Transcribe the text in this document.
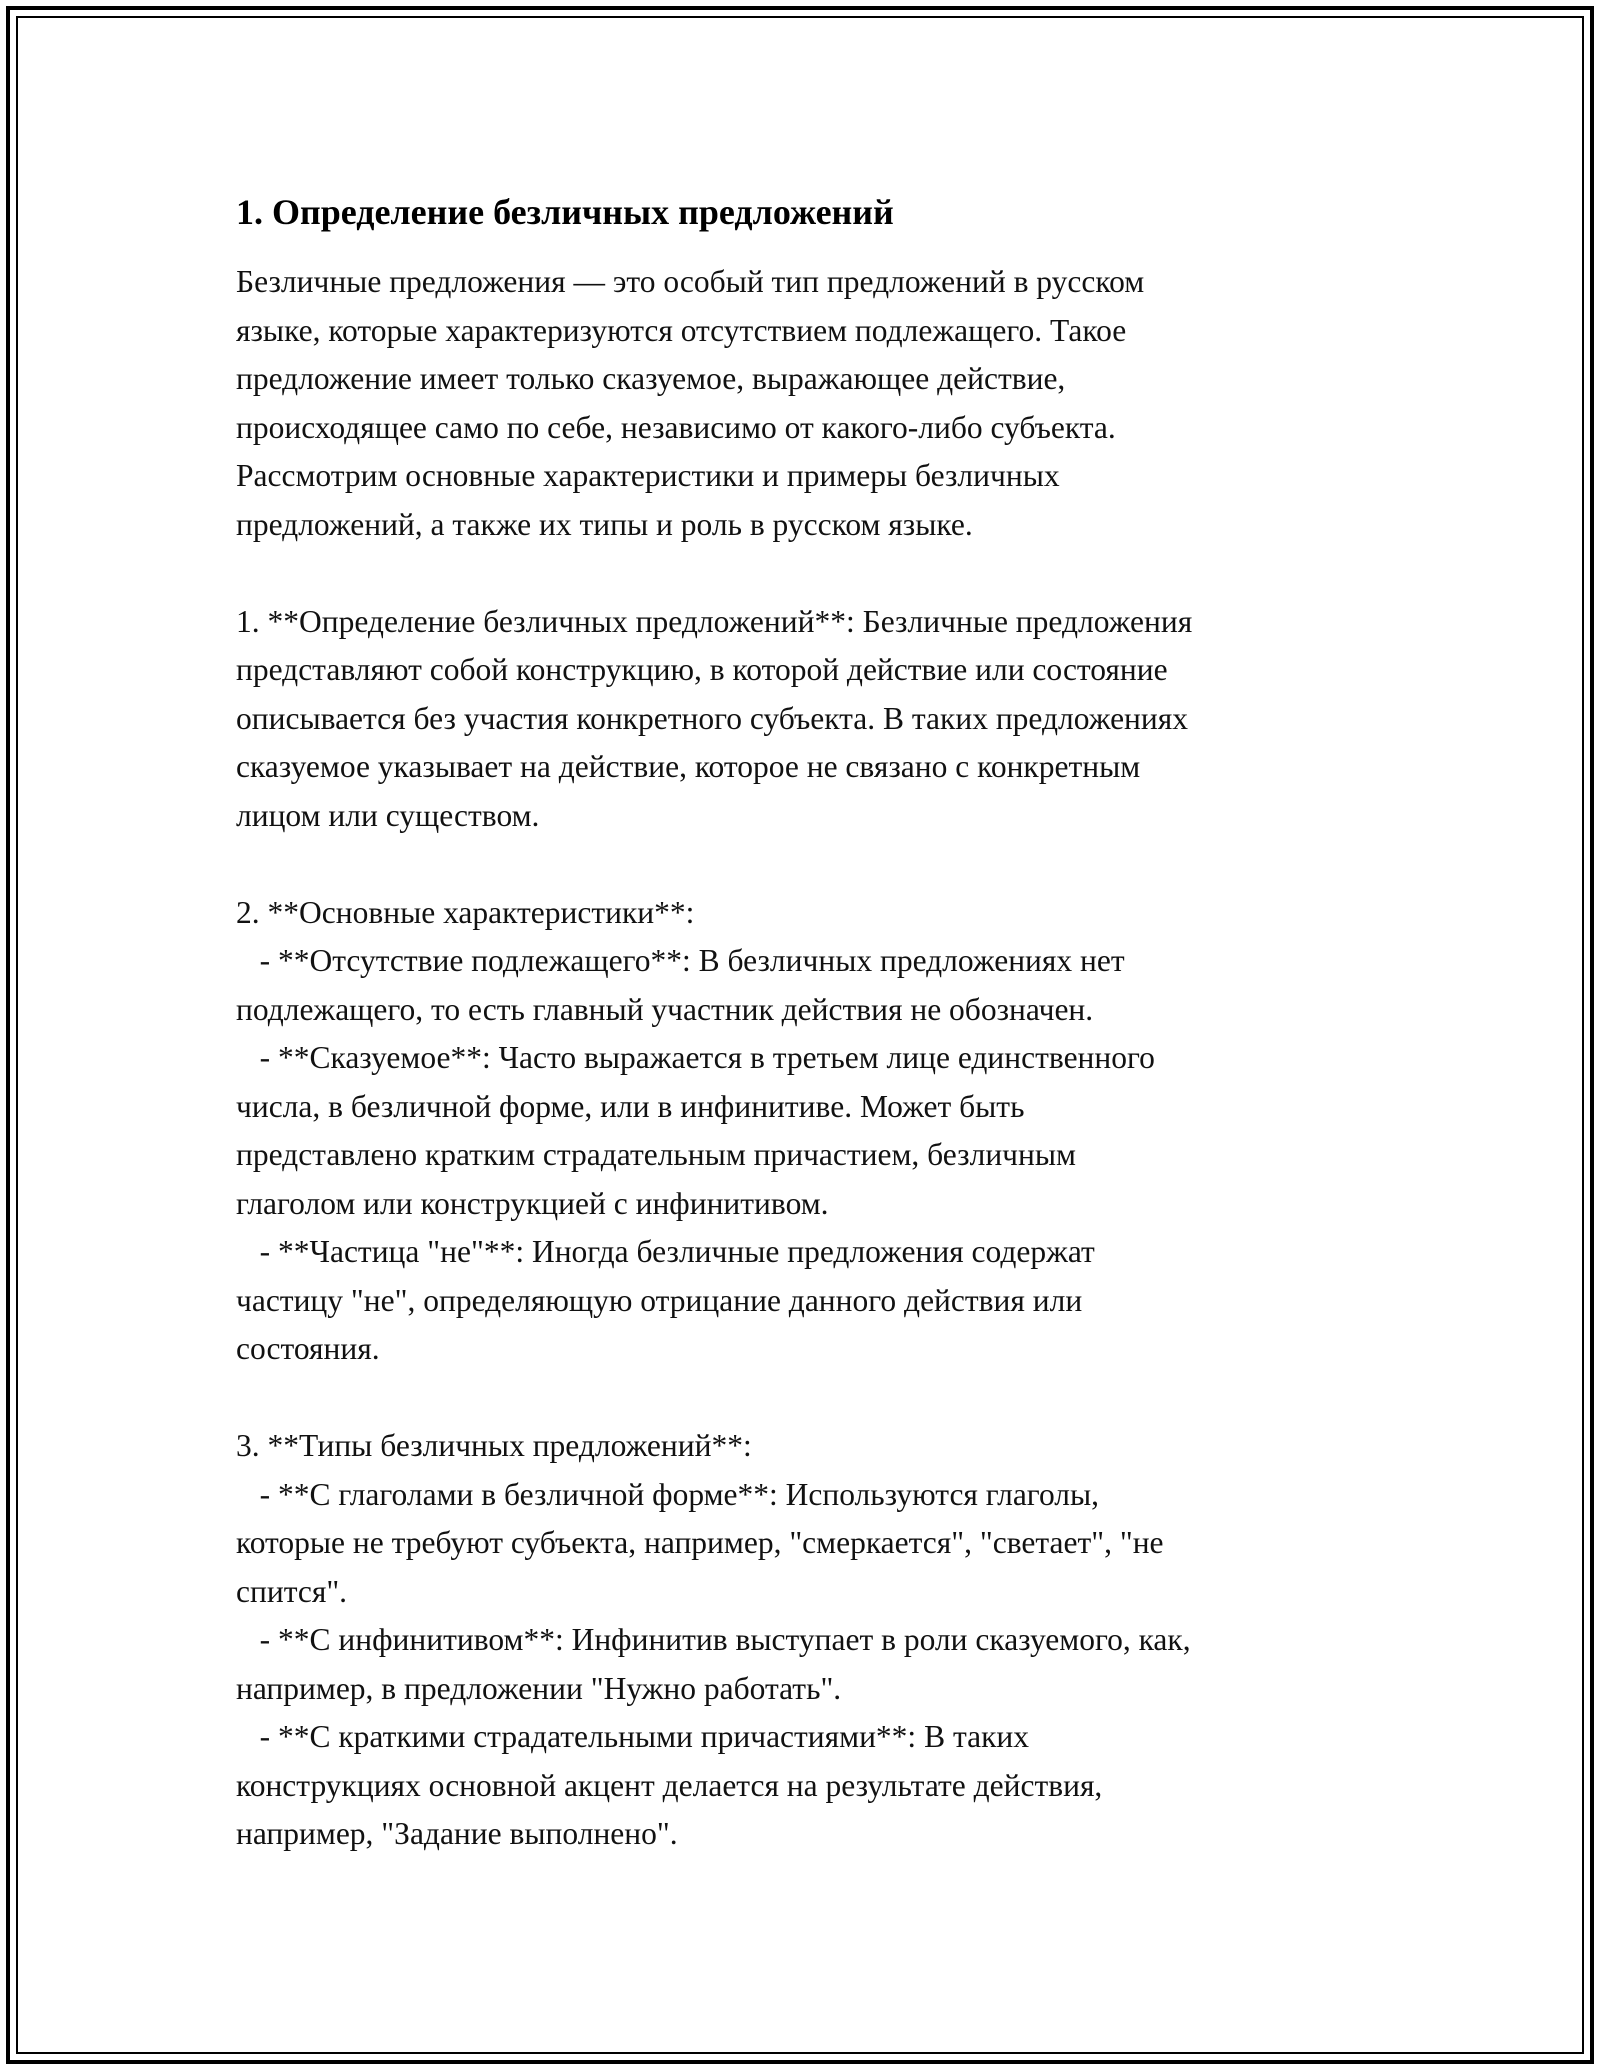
1. Определение безличных предложений
Безличные предложения — это особый тип предложений в русском
языке, которые характеризуются отсутствием подлежащего. Такое
предложение имеет только сказуемое, выражающее действие,
происходящее само по себе, независимо от какого-либо субъекта.
Рассмотрим основные характеристики и примеры безличных
предложений, а также их типы и роль в русском языке.

1. **Определение безличных предложений**: Безличные предложения
представляют собой конструкцию, в которой действие или состояние
описывается без участия конкретного субъекта. В таких предложениях
сказуемое указывает на действие, которое не связано с конкретным
лицом или существом.

2. **Основные характеристики**:
- **Отсутствие подлежащего**: В безличных предложениях нет
подлежащего, то есть главный участник действия не обозначен.
- **Сказуемое**: Часто выражается в третьем лице единственного
числа, в безличной форме, или в инфинитиве. Может быть
представлено кратким страдательным причастием, безличным
глаголом или конструкцией с инфинитивом.
- **Частица "не"**: Иногда безличные предложения содержат
частицу "не", определяющую отрицание данного действия или
состояния.

3. **Типы безличных предложений**:
- **С глаголами в безличной форме**: Используются глаголы,
которые не требуют субъекта, например, "смеркается", "светает", "не
спится".
- **С инфинитивом**: Инфинитив выступает в роли сказуемого, как,
например, в предложении "Нужно работать".
- **С краткими страдательными причастиями**: В таких
конструкциях основной акцент делается на результате действия,
например, "Задание выполнено".
